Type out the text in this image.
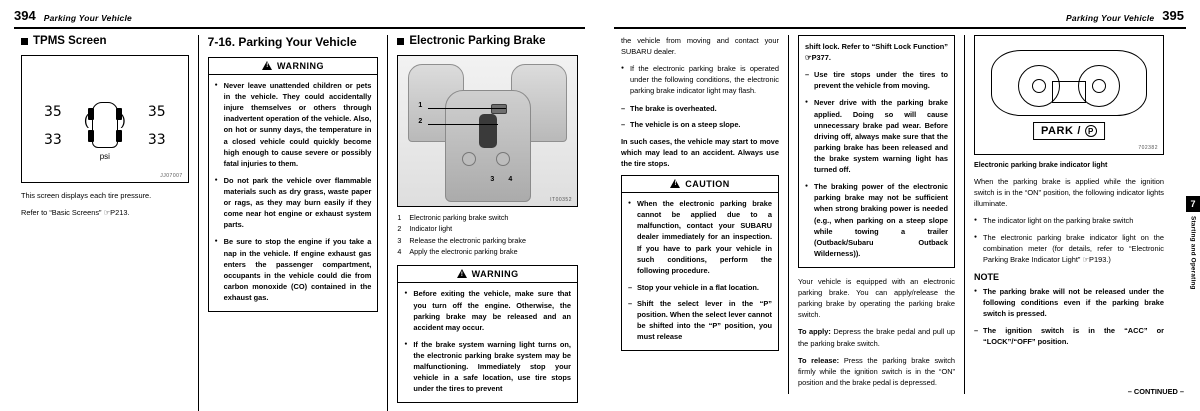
394 Parking Your Vehicle
TPMS Screen
35	35
33	33
( )
psi
JJ07007

This screen displays each tire pressure.

Refer to “Basic Screens” ☞P213.

7-16. Parking Your Vehicle
!
WARNING
● Never leave unattended children or pets in the vehicle. They could accidentally injure themselves or others through inadvertent operation of the vehicle. Also, on hot or sunny days, the temperature in a closed vehicle could quickly become high enough to cause severe or possibly fatal injuries to them.
● Do not park the vehicle over flammable materials such as dry grass, waste paper or rags, as they may burn easily if they come near hot engine or exhaust system parts.
● Be sure to stop the engine if you take a nap in the vehicle. If engine exhaust gas enters the passenger compartment, occupants in the vehicle could die from carbon monoxide (CO) contained in the exhaust gas.
Electronic Parking Brake
1
2
3 4
IT00352
Electronic parking brake switch
Indicator light
Release the electronic parking brake
Apply the electronic parking brake
!
WARNING
● Before exiting the vehicle, make sure that you turn off the engine. Otherwise, the parking brake may be released and an accident may occur.
● If the brake system warning light turns on, the electronic parking brake system may be malfunctioning. Immediately stop your vehicle in a safe location, use tire stops under the tires to prevent
Parking Your Vehicle 395

the vehicle from moving and contact your SUBARU dealer.

● If the electronic parking brake is operated under the following conditions, the electronic parking brake indicator light may flash.
– The brake is overheated.
– The vehicle is on a steep slope.

In such cases, the vehicle may start to move which may lead to an accident. Always use the tire stops.

!
CAUTION
● When the electronic parking brake cannot be applied due to a malfunction, contact your SUBARU dealer immediately for an inspection. If you have to park your vehicle in such conditions, perform the following procedure.
– Stop your vehicle in a flat location.
– Shift the select lever in the “P” position. When the select lever cannot be shifted into the “P” position, you must release

shift lock. Refer to “Shift Lock Function” ☞P377.

– Use tire stops under the tires to prevent the vehicle from moving.
● Never drive with the parking brake applied. Doing so will cause unnecessary brake pad wear. Before driving off, always make sure that the parking brake has been released and the brake system warning light has turned off.
● The braking power of the electronic parking brake may not be sufficient when strong braking power is needed (e.g., when parking on a steep slope while towing a trailer (Outback/Subaru Outback Wilderness)).

Your vehicle is equipped with an electronic parking brake. You can apply/release the parking brake by operating the parking brake switch.

To apply: Depress the brake pedal and pull up the parking brake switch.

To release: Press the parking brake switch firmly while the ignition switch is in the “ON” position and the brake pedal is depressed.

PARK /
P
702382

Electronic parking brake indicator light

When the parking brake is applied while the ignition switch is in the “ON” position, the following indicator lights illuminate.

● The indicator light on the parking brake switch
● The electronic parking brake indicator light on the combination meter (for details, refer to “Electronic Parking Brake Indicator Light” ☞P193.)
NOTE
● The parking brake will not be released under the following conditions even if the parking brake switch is pressed.
– The ignition switch is in the “ACC” or “LOCK”/“OFF” position.
7
Starting and Operating
– CONTINUED –
